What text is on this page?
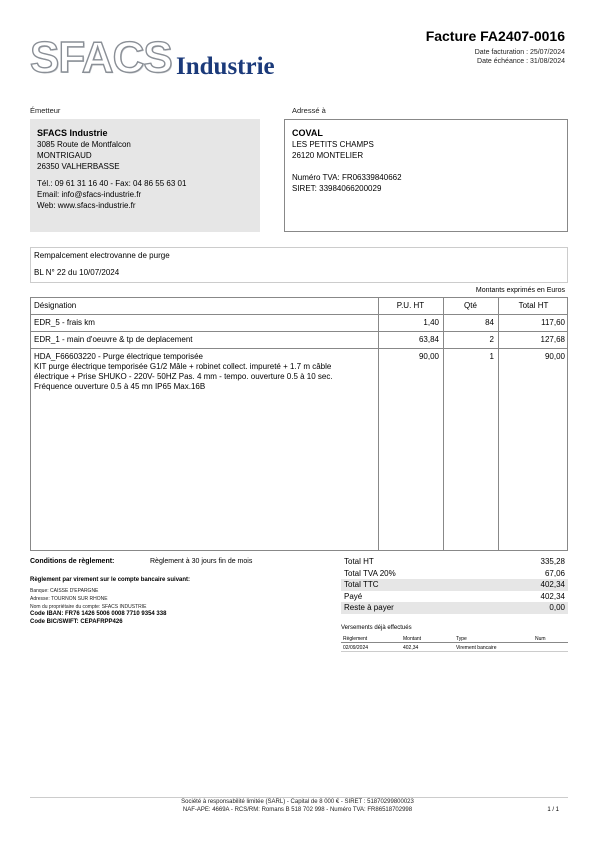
SFACS Industrie
Facture FA2407-0016
Date facturation : 25/07/2024
Date échéance : 31/08/2024
Émetteur
SFACS Industrie
3085 Route de Montfalcon
MONTRIGAUD
26350 VALHERBASSE
Tél.: 09 61 31 16 40 - Fax: 04 86 55 63 01
Email: info@sfacs-industrie.fr
Web: www.sfacs-industrie.fr
Adressé à
COVAL
LES PETITS CHAMPS
26120 MONTELIER
Numéro TVA: FR06339840662
SIRET: 33984066200029
Rempalcement electrovanne de purge
BL N° 22 du 10/07/2024
Montants exprimés en Euros
Désignation	P.U. HT	Qté	Total HT
EDR_5 - frais km	1,40	84	117,60
EDR_1 - main d'oeuvre & tp de deplacement	63,84	2	127,68
HDA_F66603220 - Purge électrique temporisée
KIT purge électrique temporisée G1/2 Mâle + robinet collect. impureté + 1.7 m câble
électrique + Prise SHUKO - 220V- 50HZ Pas. 4 mm - tempo. ouverture 0.5 à 10 sec.
Fréquence ouverture 0.5 à 45 mn IP65 Max.16B
90,00	1	90,00
Conditions de règlement:	Règlement à 30 jours fin de mois
Règlement par virement sur le compte bancaire suivant:
Banque: CAISSE D'EPARGNE
Adresse: TOURNON SUR RHONE
Nom du propriétaire du compte: SFACS INDUSTRIE
Code IBAN: FR76 1426 5006 0008 7710 9354 338
Code BIC/SWIFT: CEPAFRPP426
Total HT	335,28
Total TVA 20%	67,06
Total TTC	402,34
Payé	402,34
Reste à payer	0,00
Versements déjà effectués
Règlement	Montant	Type	Num
02/09/2024	402,34	Virement bancaire
Société à responsabilité limitée (SARL) - Capital de 8 000 € - SIRET : 51870299800023
NAF-APE: 4669A - RCS/RM: Romans B 518 702 998 - Numéro TVA: FR86518702998	1 / 1
